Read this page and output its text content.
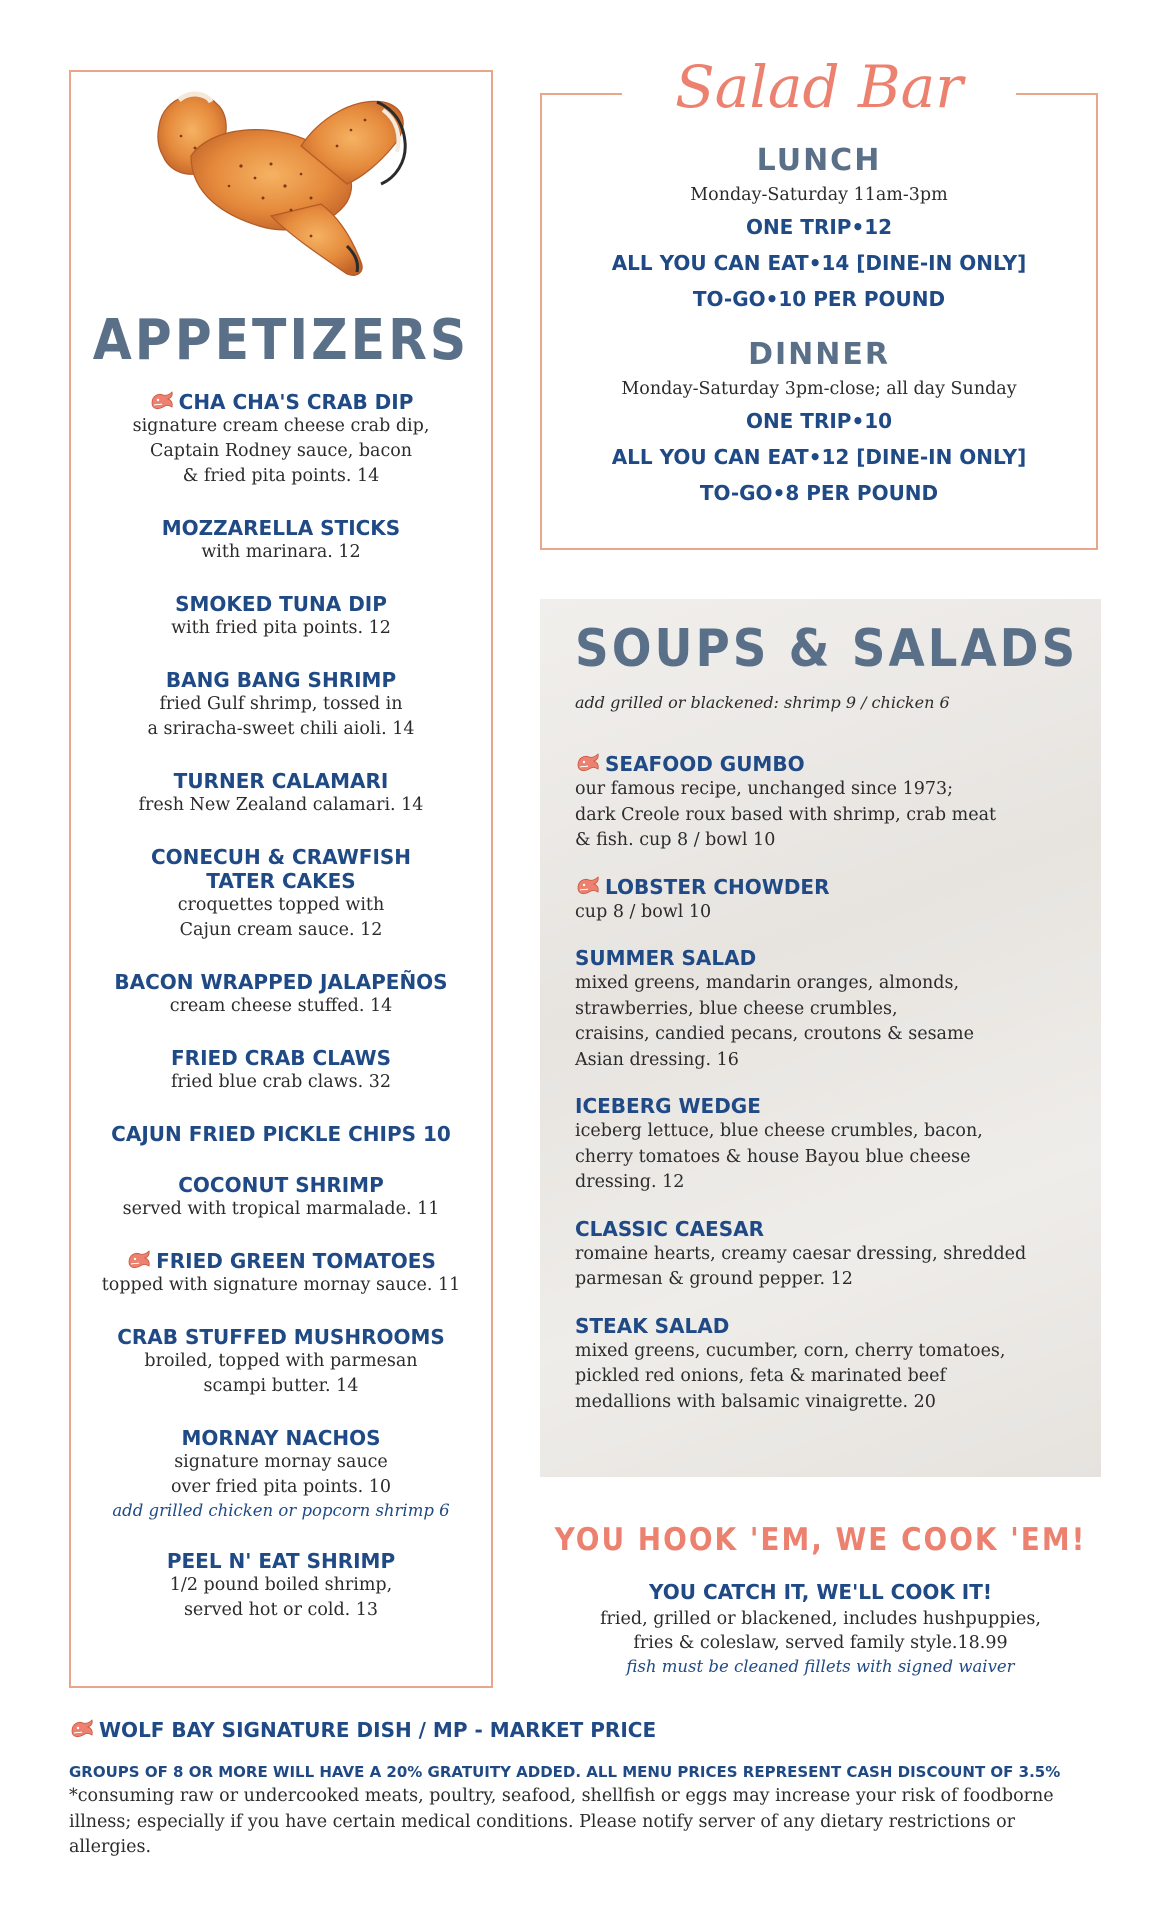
APPETIZERS
CHA CHA'S CRAB DIP
signature cream cheese crab dip,
Captain Rodney sauce, bacon
& fried pita points. 14
MOZZARELLA STICKS
with marinara. 12
SMOKED TUNA DIP
with fried pita points. 12
BANG BANG SHRIMP
fried Gulf shrimp, tossed in
a sriracha-sweet chili aioli. 14
TURNER CALAMARI
fresh New Zealand calamari. 14
CONECUH & CRAWFISH
TATER CAKES
croquettes topped with
Cajun cream sauce. 12
BACON WRAPPED JALAPEÑOS
cream cheese stuffed. 14
FRIED CRAB CLAWS
fried blue crab claws. 32
CAJUN FRIED PICKLE CHIPS 10
COCONUT SHRIMP
served with tropical marmalade. 11
FRIED GREEN TOMATOES
topped with signature mornay sauce. 11
CRAB STUFFED MUSHROOMS
broiled, topped with parmesan
scampi butter. 14
MORNAY NACHOS
signature mornay sauce
over fried pita points. 10
add grilled chicken or popcorn shrimp 6
PEEL N' EAT SHRIMP
1/2 pound boiled shrimp,
served hot or cold. 13
Salad Bar
LUNCH
Monday-Saturday 11am-3pm
ONE TRIP•12
ALL YOU CAN EAT•14 [DINE-IN ONLY]
TO-GO•10 PER POUND
DINNER
Monday-Saturday 3pm-close; all day Sunday
ONE TRIP•10
ALL YOU CAN EAT•12 [DINE-IN ONLY]
TO-GO•8 PER POUND
SOUPS & SALADS
add grilled or blackened: shrimp 9 / chicken 6
SEAFOOD GUMBO
our famous recipe, unchanged since 1973;
dark Creole roux based with shrimp, crab meat
& fish. cup 8 / bowl 10
LOBSTER CHOWDER
cup 8 / bowl 10
SUMMER SALAD
mixed greens, mandarin oranges, almonds,
strawberries, blue cheese crumbles,
craisins, candied pecans, croutons & sesame
Asian dressing. 16
ICEBERG WEDGE
iceberg lettuce, blue cheese crumbles, bacon,
cherry tomatoes & house Bayou blue cheese
dressing. 12
CLASSIC CAESAR
romaine hearts, creamy caesar dressing, shredded
parmesan & ground pepper. 12
STEAK SALAD
mixed greens, cucumber, corn, cherry tomatoes,
pickled red onions, feta & marinated beef
medallions with balsamic vinaigrette. 20
YOU HOOK 'EM, WE COOK 'EM!
YOU CATCH IT, WE'LL COOK IT!
fried, grilled or blackened, includes hushpuppies,
fries & coleslaw, served family style.18.99
fish must be cleaned fillets with signed waiver
WOLF BAY SIGNATURE DISH / MP - MARKET PRICE
GROUPS OF 8 OR MORE WILL HAVE A 20% GRATUITY ADDED. ALL MENU PRICES REPRESENT CASH DISCOUNT OF 3.5%
*consuming raw or undercooked meats, poultry, seafood, shellfish or eggs may increase your risk of foodborne illness; especially if you have certain medical conditions. Please notify server of any dietary restrictions or allergies.
